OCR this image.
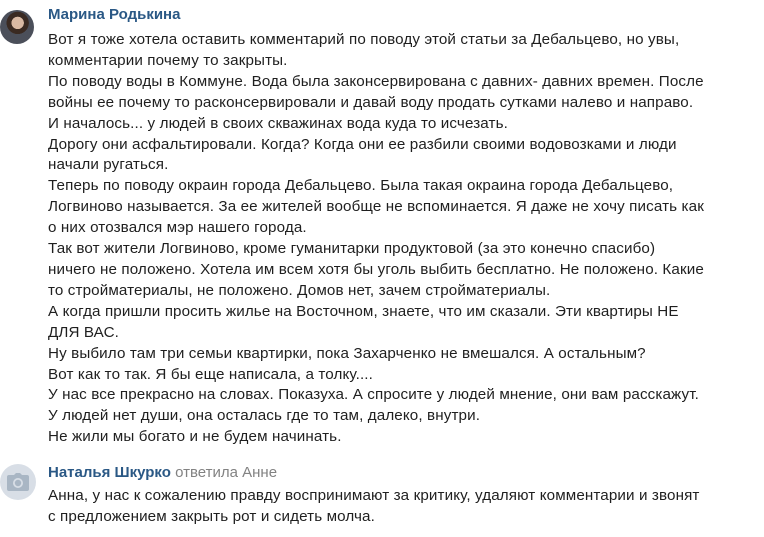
Марина Родькина
Вот я тоже хотела оставить комментарий по поводу этой статьи за Дебальцево, но увы,
комментарии почему то закрыты.
По поводу воды в Коммуне. Вода была законсервирована с давних- давних времен. После
войны ее почему то расконсервировали и давай воду продать сутками налево и направо.
И началось... у людей в своих скважинах вода куда то исчезать.
Дорогу они асфальтировали. Когда? Когда они ее разбили своими водовозками и люди
начали ругаться.
Теперь по поводу окраин города Дебальцево. Была такая окраина города Дебальцево,
Логвиново называется. За ее жителей вообще не вспоминается. Я даже не хочу писать как
о них отозвался мэр нашего города.
Так вот жители Логвиново, кроме гуманитарки продуктовой (за это конечно спасибо)
ничего не положено. Хотела им всем хотя бы уголь выбить бесплатно. Не положено. Какие
то стройматериалы, не положено. Домов нет, зачем стройматериалы.
А когда пришли просить жилье на Восточном, знаете, что им сказали. Эти квартиры НЕ
ДЛЯ ВАС.
Ну выбило там три семьи квартирки, пока Захарченко не вмешался. А остальным?
Вот как то так. Я бы еще написала, а толку....
У нас все прекрасно на словах. Показуха. А спросите у людей мнение, они вам расскажут.
У людей нет души, она осталась где то там, далеко, внутри.
Не жили мы богато и не будем начинать.
Наталья Шкурко ответила Анне
Анна, у нас к сожалению правду воспринимают за критику, удаляют комментарии и звонят
с предложением закрыть рот и сидеть молча.
